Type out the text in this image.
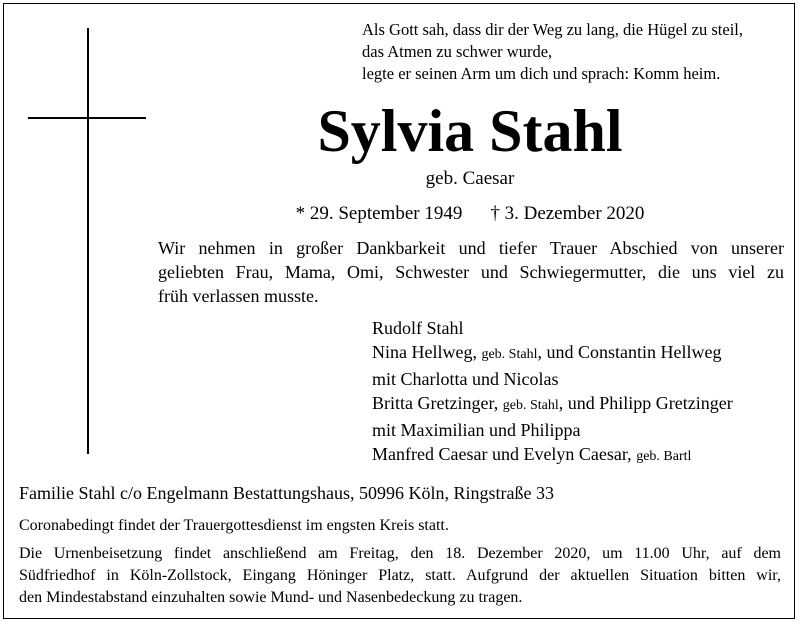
Als Gott sah, dass dir der Weg zu lang, die Hügel zu steil,
das Atmen zu schwer wurde,
legte er seinen Arm um dich und sprach: Komm heim.
Sylvia Stahl
geb. Caesar
* 29. September 1949 † 3. Dezember 2020
Wir nehmen in großer Dankbarkeit und tiefer Trauer Abschied von unserer
geliebten Frau, Mama, Omi, Schwester und Schwiegermutter, die uns viel zu
früh verlassen musste.
Rudolf Stahl
Nina Hellweg, geb. Stahl, und Constantin Hellweg
mit Charlotta und Nicolas
Britta Gretzinger, geb. Stahl, und Philipp Gretzinger
mit Maximilian und Philippa
Manfred Caesar und Evelyn Caesar, geb. Bartl
Familie Stahl c/o Engelmann Bestattungshaus, 50996 Köln, Ringstraße 33
Coronabedingt findet der Trauergottesdienst im engsten Kreis statt.
Die Urnenbeisetzung findet anschließend am Freitag, den 18. Dezember 2020, um 11.00 Uhr, auf dem
Südfriedhof in Köln-Zollstock, Eingang Höninger Platz, statt. Aufgrund der aktuellen Situation bitten wir,
den Mindestabstand einzuhalten sowie Mund- und Nasenbedeckung zu tragen.
